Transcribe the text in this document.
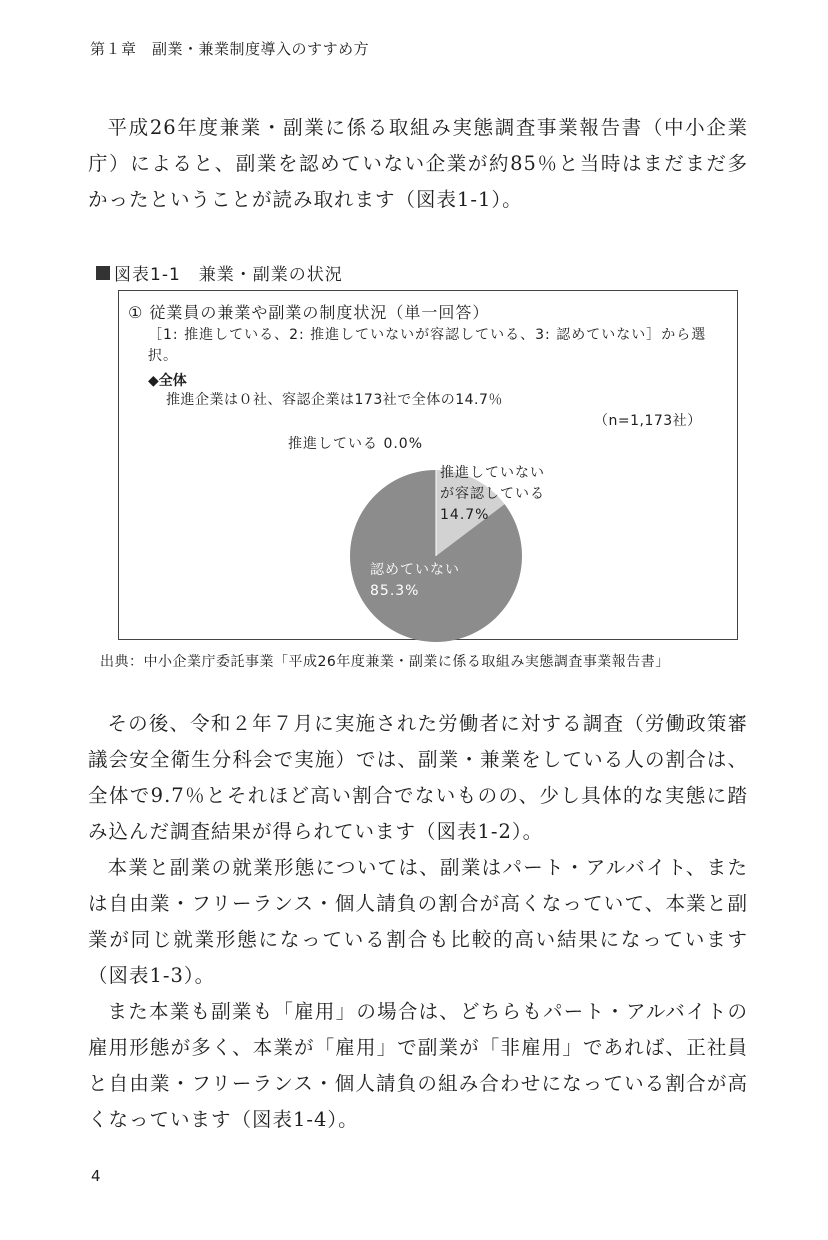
第１章　副業・兼業制度導入のすすめ方

平成26年度兼業・副業に係る取組み実態調査事業報告書（中小企業庁）によると、副業を認めていない企業が約85％と当時はまだまだ多かったということが読み取れます（図表1-1）。

図表1-1　兼業・副業の状況
① 従業員の兼業や副業の制度状況（単一回答）
［1: 推進している、2: 推進していないが容認している、3: 認めていない］から選択。
◆全体
推進企業は０社、容認企業は173社で全体の14.7％
（n=1,173社）
推進している 0.0%
推進していない
が容認している
14.7%
認めていない
85.3%
出典：中小企業庁委託事業「平成26年度兼業・副業に係る取組み実態調査事業報告書」

その後、令和２年７月に実施された労働者に対する調査（労働政策審議会安全衛生分科会で実施）では、副業・兼業をしている人の割合は、全体で9.7％とそれほど高い割合でないものの、少し具体的な実態に踏み込んだ調査結果が得られています（図表1-2）。

本業と副業の就業形態については、副業はパート・アルバイト、または自由業・フリーランス・個人請負の割合が高くなっていて、本業と副業が同じ就業形態になっている割合も比較的高い結果になっています（図表1-3）。

また本業も副業も「雇用」の場合は、どちらもパート・アルバイトの雇用形態が多く、本業が「雇用」で副業が「非雇用」であれば、正社員と自由業・フリーランス・個人請負の組み合わせになっている割合が高くなっています（図表1-4）。

4
